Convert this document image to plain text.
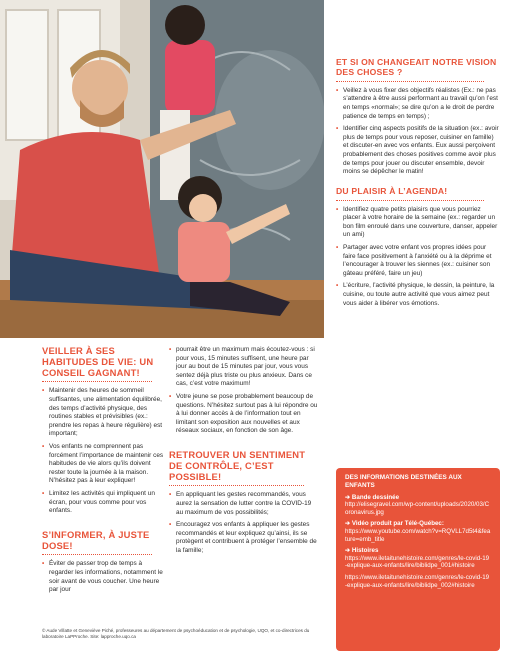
ET SI ON CHANGEAIT NOTRE VISION DES CHOSES ?
• Veillez à vous fixer des objectifs réalistes (Ex.: ne pas s’attendre à être aussi performant au travail qu’on l’est en temps «normal»; se dire qu’on a le droit de perdre patience de temps en temps) ;
• Identifier cinq aspects positifs de la situation (ex.: avoir plus de temps pour vous reposer, cuisiner en famille) et discuter-en avec vos enfants. Eux aussi perçoivent probablement des choses positives comme avoir plus de temps pour jouer ou discuter ensemble, devoir moins se dépêcher le matin!
DU PLAISIR À L’AGENDA!
• Identifiez quatre petits plaisirs que vous pourriez placer à votre horaire de la semaine (ex.: regarder un bon film enroulé dans une couverture, danser, appeler un ami)
• Partager avec votre enfant vos propres idées pour faire face positivement à l’anxiété ou à la déprime et l’encourager à trouver les siennes (ex.: cuisiner son gâteau préféré, faire un jeu)
• L’écriture, l’activité physique, le dessin, la peinture, la cuisine, ou toute autre activité que vous aimez peut vous aider à libérer vos émotions.
VEILLER À SES HABITUDES DE VIE: UN CONSEIL GAGNANT!
• Maintenir des heures de sommeil suffisantes, une alimentation équilibrée, des temps d’activité physique, des routines stables et prévisibles (ex.: prendre les repas à heure régulière) est important;
• Vos enfants ne comprennent pas forcément l’importance de maintenir ces habitudes de vie alors qu’ils doivent rester toute la journée à la maison. N’hésitez pas à leur expliquer!
• Limitez les activités qui impliquent un écran, pour vous comme pour vos enfants.
S’INFORMER, À JUSTE DOSE!
• Éviter de passer trop de temps à regarder les informations, notamment le soir avant de vous coucher. Une heure par jour
• pourrait être un maximum mais écoutez-vous : si pour vous, 15 minutes suffisent, une heure par jour au bout de 15 minutes par jour, vous vous sentez déjà plus triste ou plus anxieux. Dans ce cas, c’est votre maximum!
• Votre jeune se pose probablement beaucoup de questions. N’hésitez surtout pas à lui répondre ou à lui donner accès à de l’information tout en limitant son exposition aux nouvelles et aux réseaux sociaux, en fonction de son âge.
RETROUVER UN SENTIMENT DE CONTRÔLE, C’EST POSSIBLE!
• En appliquant les gestes recommandés, vous aurez la sensation de lutter contre la COVID-19 au maximum de vos possibilités;
• Encouragez vos enfants à appliquer les gestes recommandés et leur expliquez qu’ainsi, ils se protègent et contribuent à protéger l’ensemble de la famille;
DES INFORMATIONS DESTINÉES AUX ENFANTS
➔ Bande dessinée
http://elisegravel.com/wp-content/uploads/2020/03/Coronavirus.jpg
➔ Vidéo produit par Télé-Québec:
https://www.youtube.com/watch?v=RQVLL7d5t4&feature=emb_title
➔ Histoires
https://www.iletaitunehistoire.com/genres/le-covid-19-explique-aux-enfants/lire/biblidpe_001#histoire
https://www.iletaitunehistoire.com/genres/le-covid-19-explique-aux-enfants/lire/biblidpe_002#histoire
© Aude Villatte et Geneviève Piché, professeures au département de psychoéducation et de psychologie, UQO, et co-directrices du laboratoire LaPProche. Site: lapproche.uqo.ca
